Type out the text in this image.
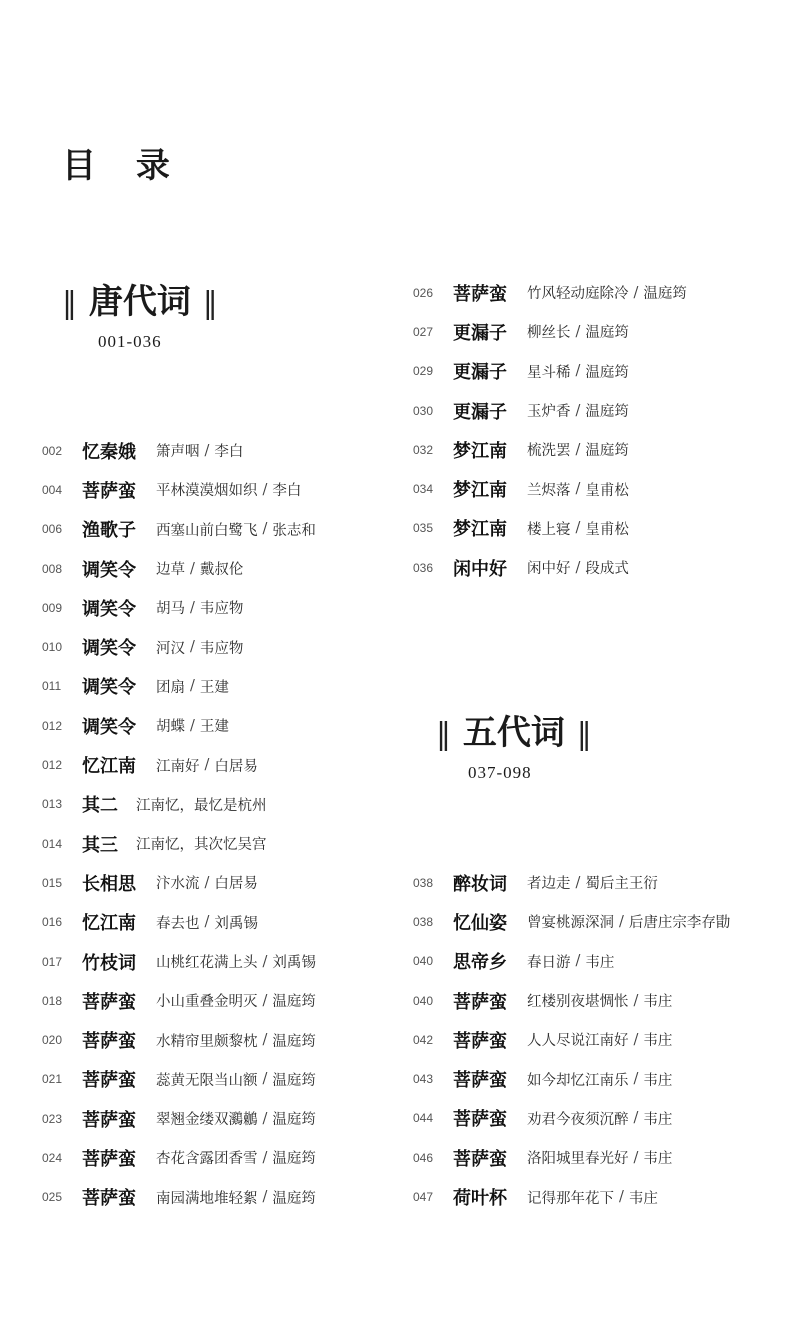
目 录
‖ 唐代词 ‖
001-036
‖ 五代词 ‖
037-098
002	忆秦娥	箫声咽 / 李白
004	菩萨蛮	平林漠漠烟如织 / 李白
006	渔歌子	西塞山前白鹭飞 / 张志和
008	调笑令	边草 / 戴叔伦
009	调笑令	胡马 / 韦应物
010	调笑令	河汉 / 韦应物
011	调笑令	团扇 / 王建
012	调笑令	胡蝶 / 王建
012	忆江南	江南好 / 白居易
013	其二	江南忆，最忆是杭州
014	其三	江南忆，其次忆吴宫
015	长相思	汴水流 / 白居易
016	忆江南	春去也 / 刘禹锡
017	竹枝词	山桃红花满上头 / 刘禹锡
018	菩萨蛮	小山重叠金明灭 / 温庭筠
020	菩萨蛮	水精帘里颇黎枕 / 温庭筠
021	菩萨蛮	蕊黄无限当山额 / 温庭筠
023	菩萨蛮	翠翘金缕双鸂鶒 / 温庭筠
024	菩萨蛮	杏花含露团香雪 / 温庭筠
025	菩萨蛮	南园满地堆轻絮 / 温庭筠
026	菩萨蛮	竹风轻动庭除冷 / 温庭筠
027	更漏子	柳丝长 / 温庭筠
029	更漏子	星斗稀 / 温庭筠
030	更漏子	玉炉香 / 温庭筠
032	梦江南	梳洗罢 / 温庭筠
034	梦江南	兰烬落 / 皇甫松
035	梦江南	楼上寝 / 皇甫松
036	闲中好	闲中好 / 段成式
038	醉妆词	者边走 / 蜀后主王衍
038	忆仙姿	曾宴桃源深洞 / 后唐庄宗李存勖
040	思帝乡	春日游 / 韦庄
040	菩萨蛮	红楼别夜堪惆怅 / 韦庄
042	菩萨蛮	人人尽说江南好 / 韦庄
043	菩萨蛮	如今却忆江南乐 / 韦庄
044	菩萨蛮	劝君今夜须沉醉 / 韦庄
046	菩萨蛮	洛阳城里春光好 / 韦庄
047	荷叶杯	记得那年花下 / 韦庄
